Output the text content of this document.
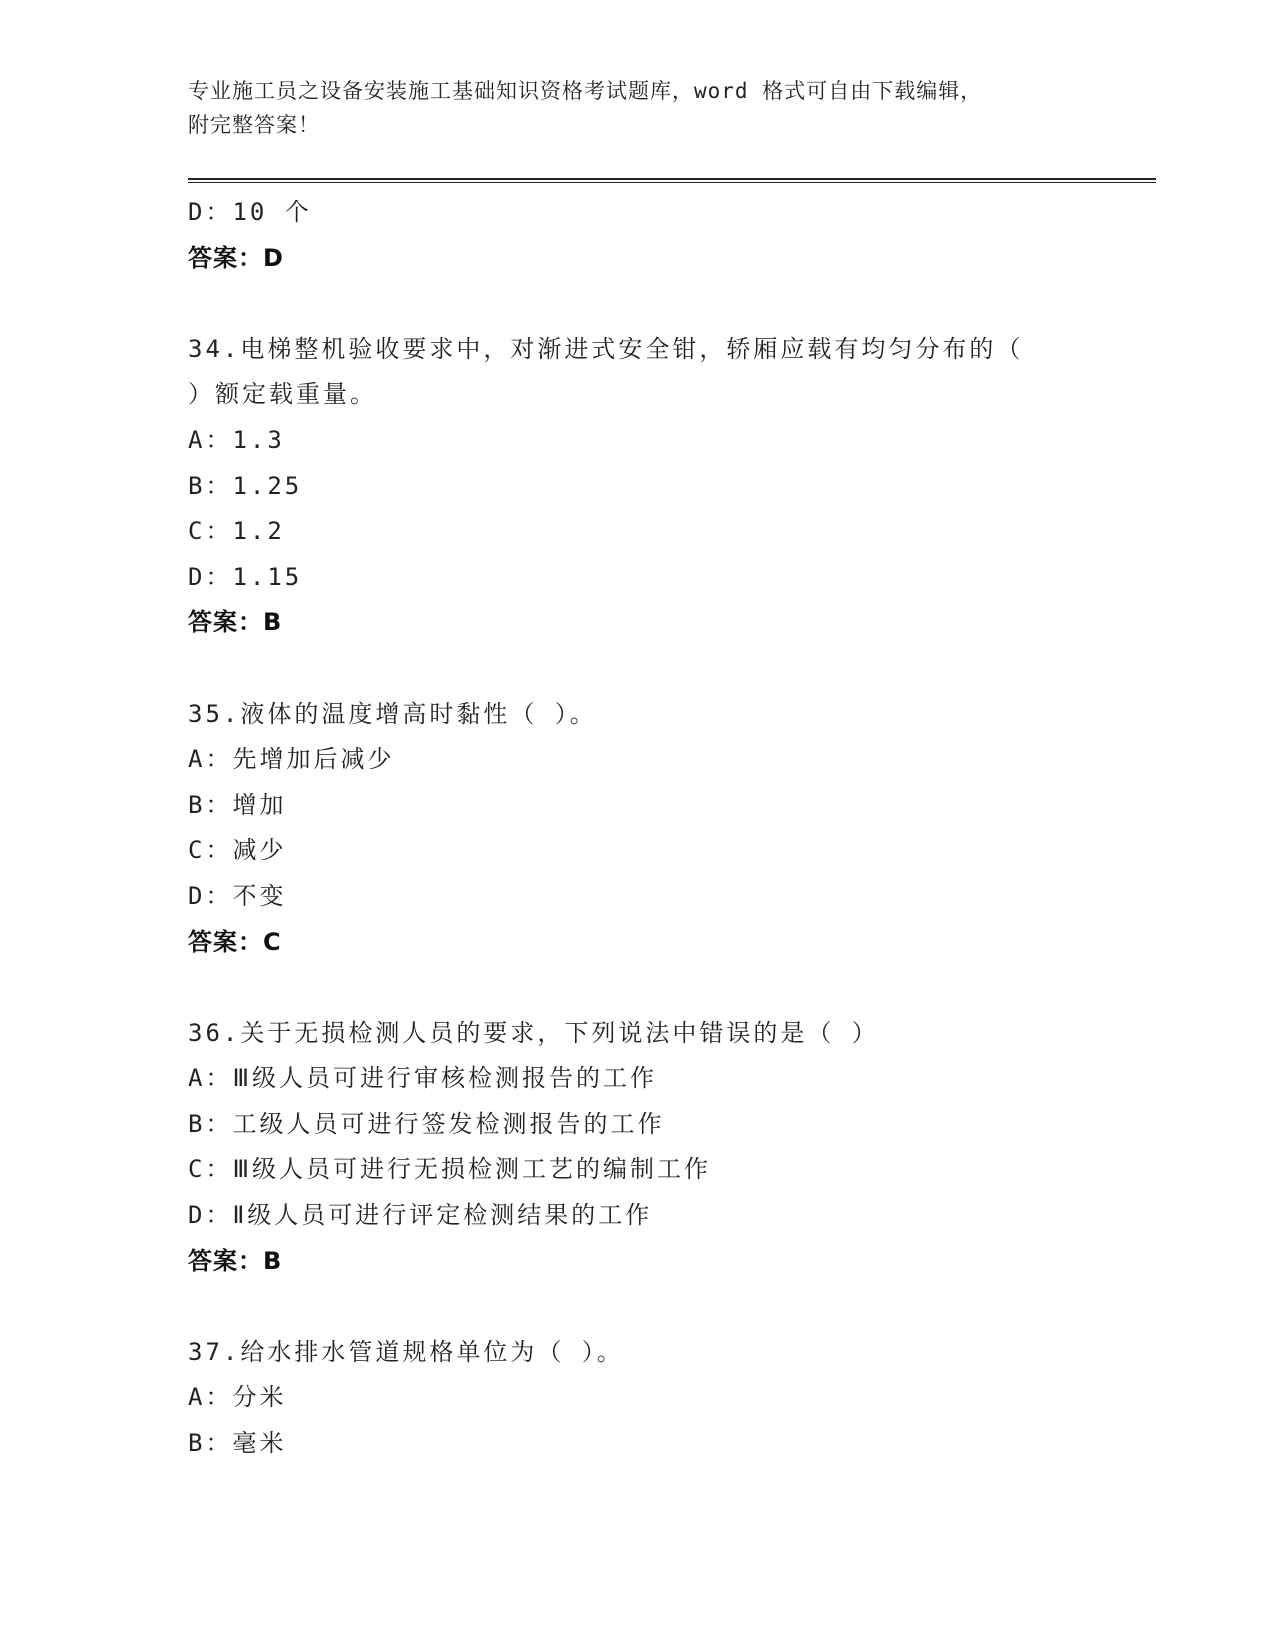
专业施工员之设备安装施工基础知识资格考试题库，word 格式可自由下载编辑，
附完整答案！
D：10 个
答案：D
34.电梯整机验收要求中，对渐进式安全钳，轿厢应载有均匀分布的（
）额定载重量。
A：1.3
B：1.25
C：1.2
D：1.15
答案：B
35.液体的温度增高时黏性（ ）。
A：先增加后减少
B：增加
C：减少
D：不变
答案：C
36.关于无损检测人员的要求，下列说法中错误的是（ ）
A：Ⅲ级人员可进行审核检测报告的工作
B：工级人员可进行签发检测报告的工作
C：Ⅲ级人员可进行无损检测工艺的编制工作
D：Ⅱ级人员可进行评定检测结果的工作
答案：B
37.给水排水管道规格单位为（ ）。
A：分米
B：毫米
